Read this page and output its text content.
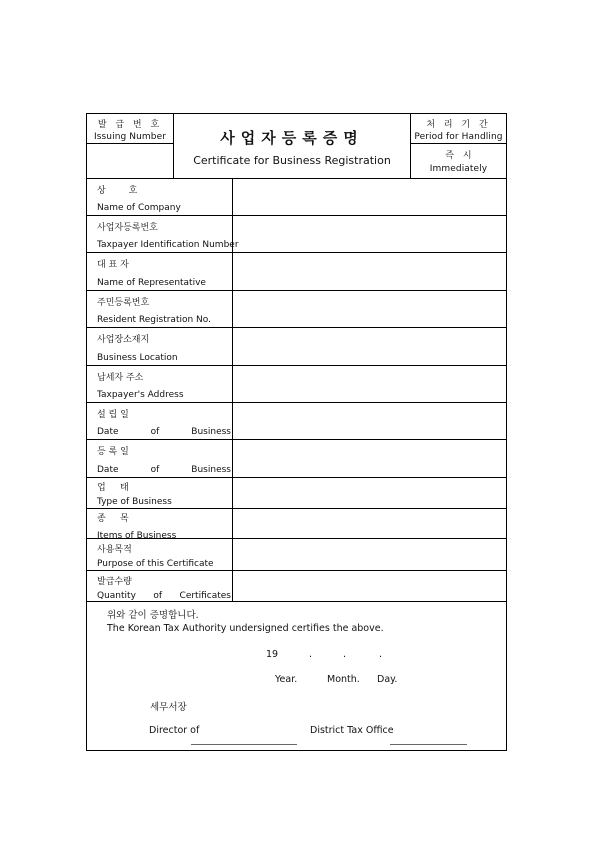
발 급 번 호
Issuing Number	사업자등록증명
Certificate for Business Registration
처 리 기 간
Period for Handling
즉   시
Immediately
상        호
Name of Company
사업자등록번호
Taxpayer Identification Number
대 표 자
Name of Representative
주민등록번호
Resident Registration No.
사업장소재지
Business Location
납세자 주소
Taxpayer's Address
설 립 일
Date	of	Business
등 록 일
Date	of	Business
업     태
Type of Business
종     목
Items of Business
사용목적
Purpose of this Certificate
발급수량
Quantity of Certificates
위와 같이 증명합니다.
The Korean Tax Authority undersigned certifies the above.
19	.	.	.
Year.	Month. Day.
세무서장
Director of	District Tax Office
